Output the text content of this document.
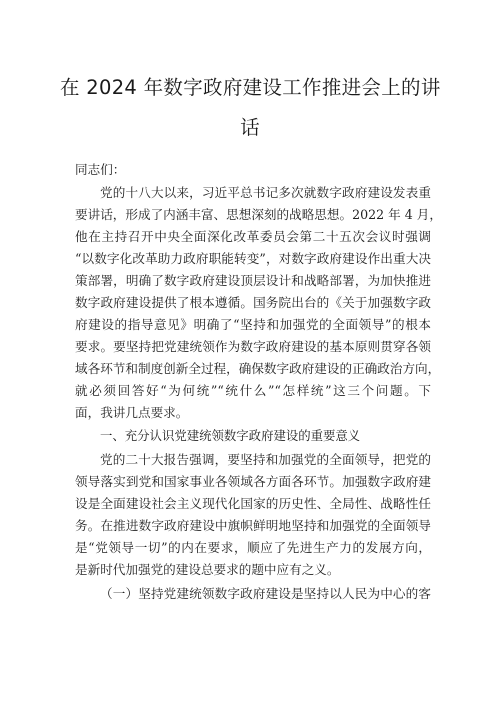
在 2024 年数字政府建设工作推进会上的讲
话
同志们：
党的十八大以来，习近平总书记多次就数字政府建设发表重
要讲话，形成了内涵丰富、思想深刻的战略思想。2022 年 4 月，
他在主持召开中央全面深化改革委员会第二十五次会议时强调
“以数字化改革助力政府职能转变”，对数字政府建设作出重大决
策部署，明确了数字政府建设顶层设计和战略部署，为加快推进
数字政府建设提供了根本遵循。国务院出台的《关于加强数字政
府建设的指导意见》明确了“坚持和加强党的全面领导”的根本
要求。要坚持把党建统领作为数字政府建设的基本原则贯穿各领
域各环节和制度创新全过程，确保数字政府建设的正确政治方向，
就必须回答好“为何统”“统什么”“怎样统”这三个问题。下
面，我讲几点要求。
一、充分认识党建统领数字政府建设的重要意义
党的二十大报告强调，要坚持和加强党的全面领导，把党的
领导落实到党和国家事业各领域各方面各环节。加强数字政府建
设是全面建设社会主义现代化国家的历史性、全局性、战略性任
务。在推进数字政府建设中旗帜鲜明地坚持和加强党的全面领导
是“党领导一切”的内在要求，顺应了先进生产力的发展方向，
是新时代加强党的建设总要求的题中应有之义。
（一）坚持党建统领数字政府建设是坚持以人民为中心的客
